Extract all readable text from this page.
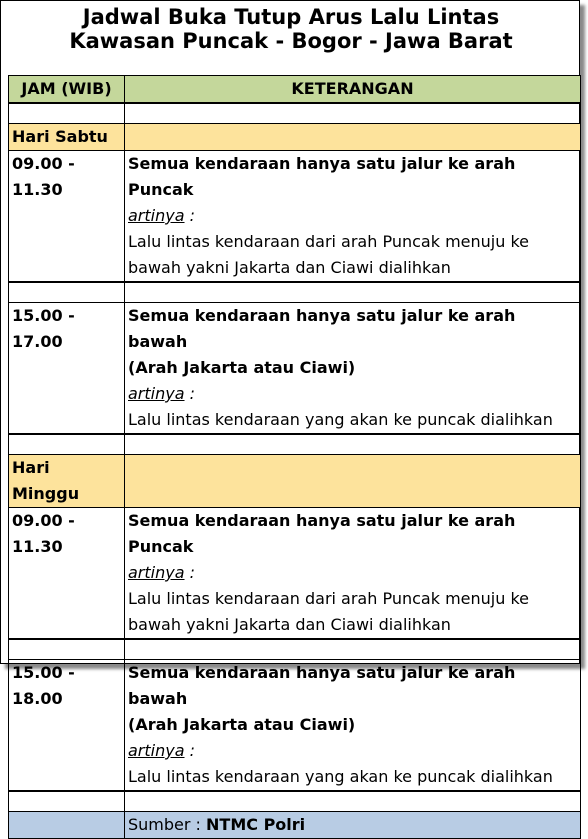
Jadwal Buka Tutup Arus Lalu Lintas
Kawasan Puncak - Bogor - Jawa Barat
JAM (WIB)	KETERANGAN

Hari Sabtu	
09.00 - 11.30	Semua kendaraan hanya satu jalur ke arah Puncak
artinya :
Lalu lintas kendaraan dari arah Puncak menuju ke
bawah yakni Jakarta dan Ciawi dialihkan

15.00 - 17.00	Semua kendaraan hanya satu jalur ke arah bawah
(Arah Jakarta atau Ciawi)
artinya :
Lalu lintas kendaraan yang akan ke puncak dialihkan

Hari Minggu	
09.00 - 11.30	Semua kendaraan hanya satu jalur ke arah Puncak
artinya :
Lalu lintas kendaraan dari arah Puncak menuju ke
bawah yakni Jakarta dan Ciawi dialihkan

15.00 - 18.00	Semua kendaraan hanya satu jalur ke arah bawah
(Arah Jakarta atau Ciawi)
artinya :
Lalu lintas kendaraan yang akan ke puncak dialihkan

	Sumber : NTMC Polri
